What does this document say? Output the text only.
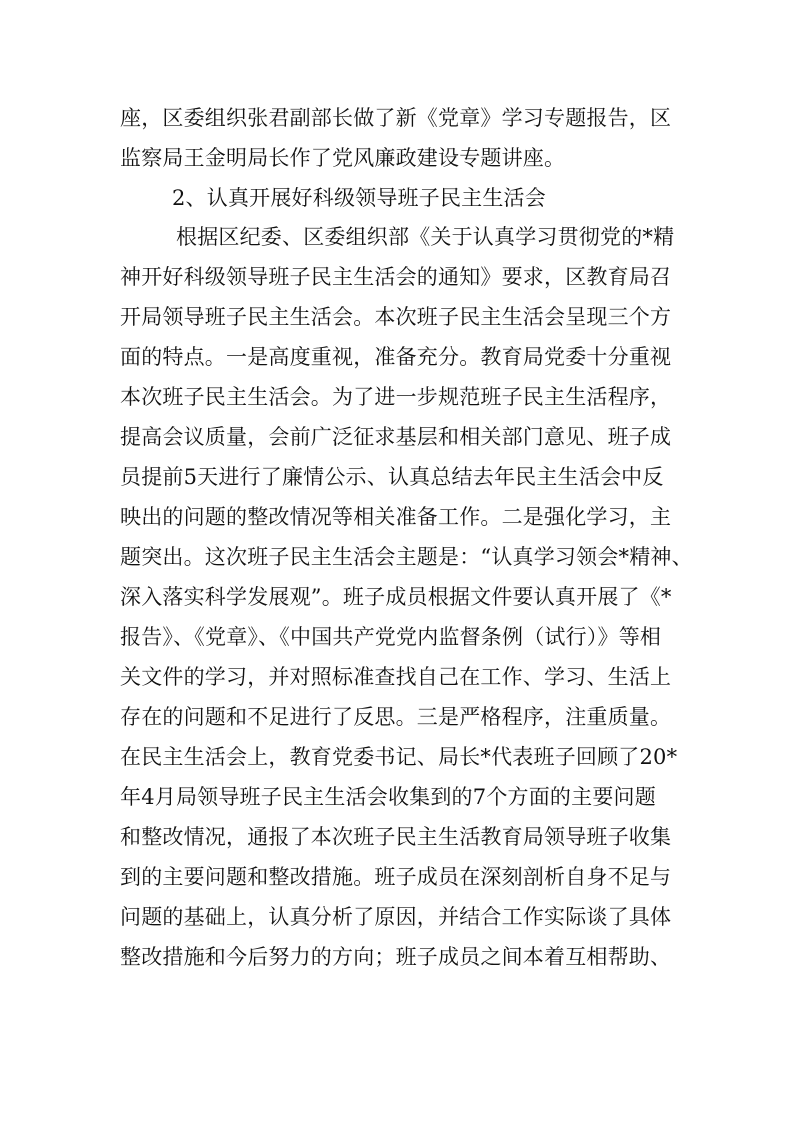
座，区委组织张君副部长做了新《党章》学习专题报告，区
监察局王金明局长作了党风廉政建设专题讲座。
2、认真开展好科级领导班子民主生活会
根据区纪委、区委组织部《关于认真学习贯彻党的*精
神开好科级领导班子民主生活会的通知》要求，区教育局召
开局领导班子民主生活会。本次班子民主生活会呈现三个方
面的特点。一是高度重视，准备充分。教育局党委十分重视
本次班子民主生活会。为了进一步规范班子民主生活程序，
提高会议质量，会前广泛征求基层和相关部门意见、班子成
员提前5天进行了廉情公示、认真总结去年民主生活会中反
映出的问题的整改情况等相关准备工作。二是强化学习，主
题突出。这次班子民主生活会主题是：“认真学习领会*精神、
深入落实科学发展观”。班子成员根据文件要认真开展了《*
报告》、《党章》、《中国共产党党内监督条例（试行）》等相
关文件的学习，并对照标准查找自己在工作、学习、生活上
存在的问题和不足进行了反思。三是严格程序，注重质量。
在民主生活会上，教育党委书记、局长*代表班子回顾了20*
年4月局领导班子民主生活会收集到的7个方面的主要问题
和整改情况，通报了本次班子民主生活教育局领导班子收集
到的主要问题和整改措施。班子成员在深刻剖析自身不足与
问题的基础上，认真分析了原因，并结合工作实际谈了具体
整改措施和今后努力的方向；班子成员之间本着互相帮助、
